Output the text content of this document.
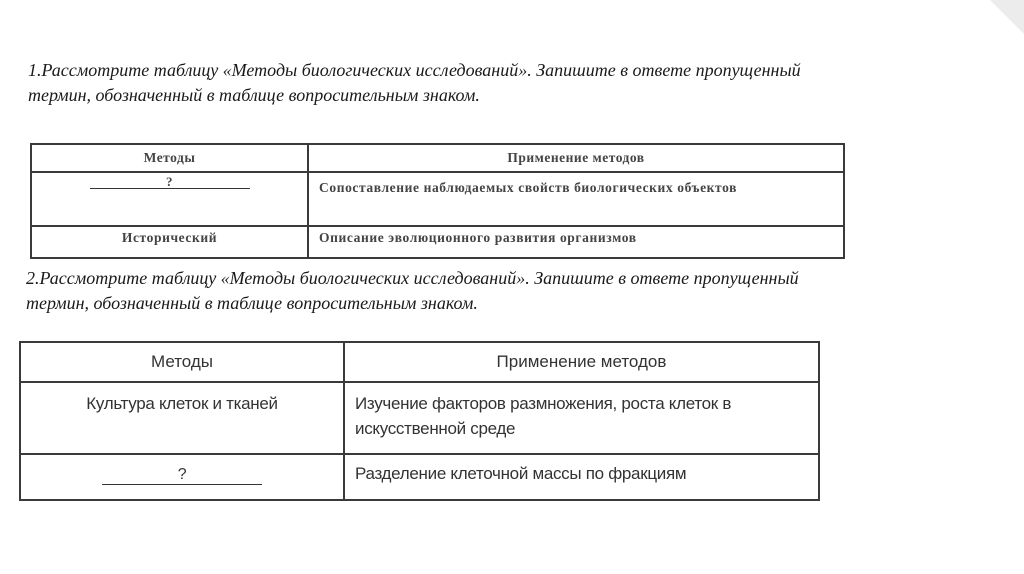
1.Рассмотрите таблицу «Методы биологических исследований». Запишите в ответе пропущенный термин, обозначенный в таблице вопросительным знаком.
Методы	Применение методов

?	Сопоставление наблюдаемых свойств биологических объектов
Исторический	Описание эволюционного развития организмов
2.Рассмотрите таблицу «Методы биологических исследований». Запишите в ответе пропущенный термин, обозначенный в таблице вопросительным знаком.
Методы	Применение методов
Культура клеток и тканей	Изучение факторов размножения, роста клеток в искусственной среде

?	Разделение клеточной массы по фракциям
